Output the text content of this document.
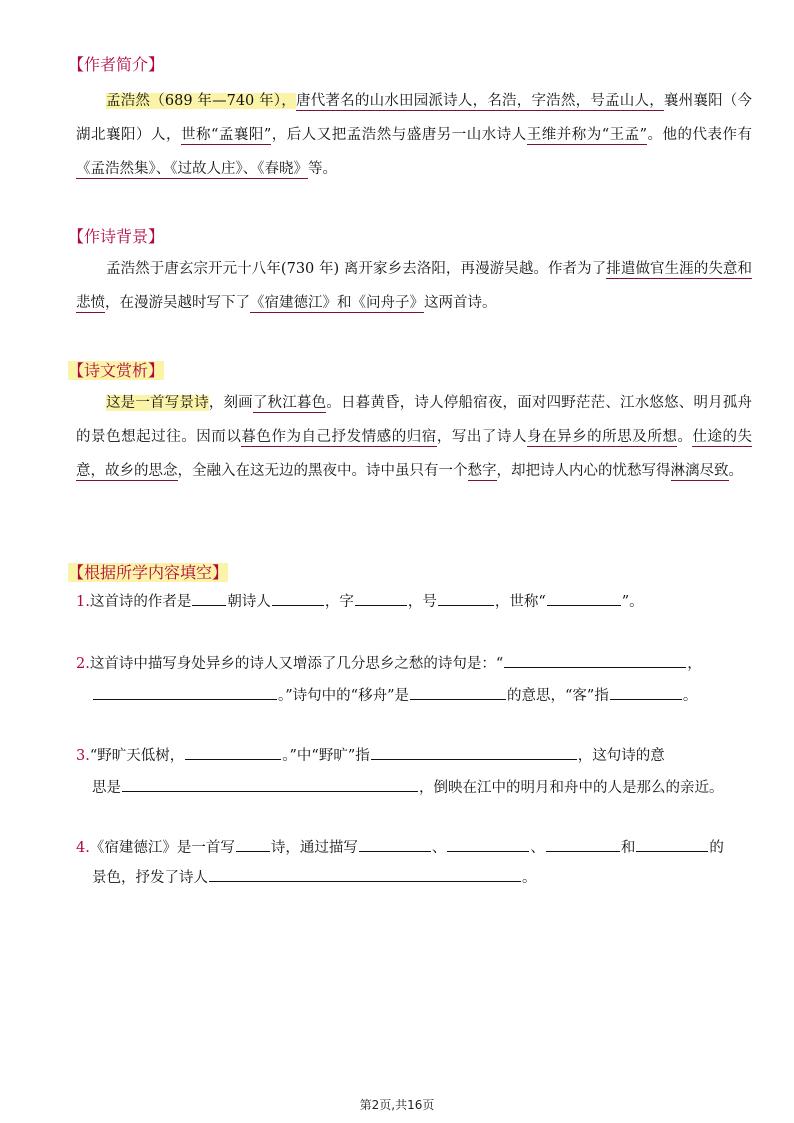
【作者简介】
孟浩然（689 年—740 年），唐代著名的山水田园派诗人，名浩，字浩然，号孟山人，襄州襄阳（今湖北襄阳）人，世称“孟襄阳”，后人又把孟浩然与盛唐另一山水诗人王维并称为“王孟”。他的代表作有《孟浩然集》、《过故人庄》、《春晓》等。
【作诗背景】
孟浩然于唐玄宗开元十八年(730 年) 离开家乡去洛阳，再漫游吴越。作者为了排遣做官生涯的失意和悲愤，在漫游吴越时写下了《宿建德江》和《问舟子》这两首诗。
【诗文赏析】
这是一首写景诗，刻画了秋江暮色。日暮黄昏，诗人停船宿夜，面对四野茫茫、江水悠悠、明月孤舟的景色想起过往。因而以暮色作为自己抒发情感的归宿，写出了诗人身在异乡的所思及所想。仕途的失意，故乡的思念，全融入在这无边的黑夜中。诗中虽只有一个愁字，却把诗人内心的忧愁写得淋漓尽致。
【根据所学内容填空】
1.这首诗的作者是 朝诗人	，字	，号	，世称“	”。
2.这首诗中描写身处异乡的诗人又增添了几分思乡之愁的诗句是：“	，
。”诗句中的“移舟”是	的意思，“客”指	。
3.“野旷天低树，	。”中“野旷”指	，这句诗的意
思是	，倒映在江中的明月和舟中的人是那么的亲近。
4.《宿建德江》是一首写 诗，通过描写	、	、	和	的
景色，抒发了诗人	。
第2页,共16页
